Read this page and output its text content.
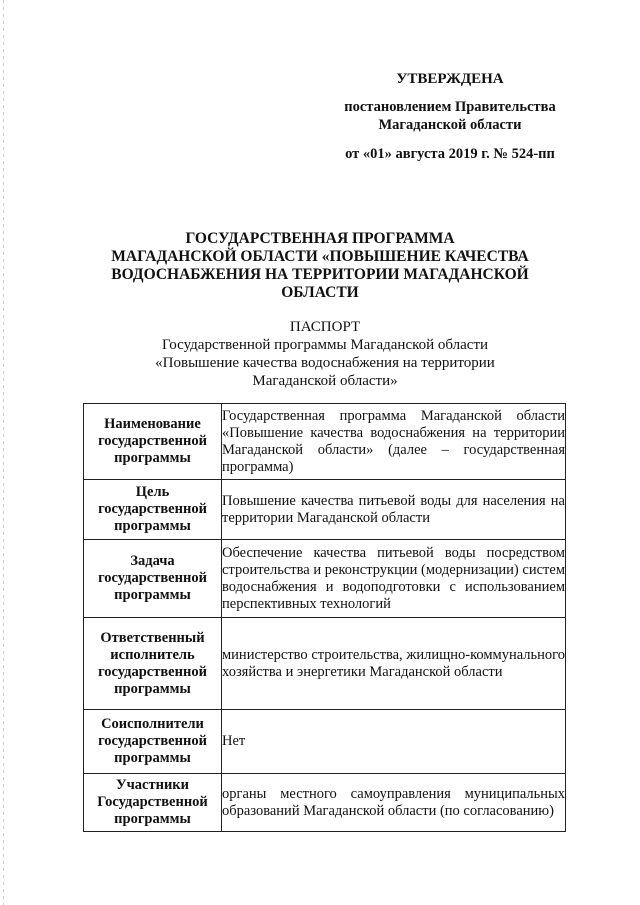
УТВЕРЖДЕНА
постановлением Правительства
Магаданской области
от «01» августа 2019 г. № 524-пп
ГОСУДАРСТВЕННАЯ ПРОГРАММА
МАГАДАНСКОЙ ОБЛАСТИ «ПОВЫШЕНИЕ КАЧЕСТВА
ВОДОСНАБЖЕНИЯ НА ТЕРРИТОРИИ МАГАДАНСКОЙ
ОБЛАСТИ
ПАСПОРТ
Государственной программы Магаданской области
«Повышение качества водоснабжения на территории
Магаданской области»
Наименование государственной программы	Государственная программа Магаданской области «Повышение качества водоснабжения на территории Магаданской области» (далее – государственная программа)
Цель государственной программы	Повышение качества питьевой воды для населения на территории Магаданской области
Задача государственной программы	Обеспечение качества питьевой воды посредством строительства и реконструкции (модернизации) систем водоснабжения и водоподготовки с использованием перспективных технологий
Ответственный исполнитель государственной программы	министерство строительства, жилищно-коммунального хозяйства и энергетики Магаданской области
Соисполнители государственной программы	Нет
Участники Государственной программы	органы местного самоуправления муниципальных образований Магаданской области (по согласованию)
